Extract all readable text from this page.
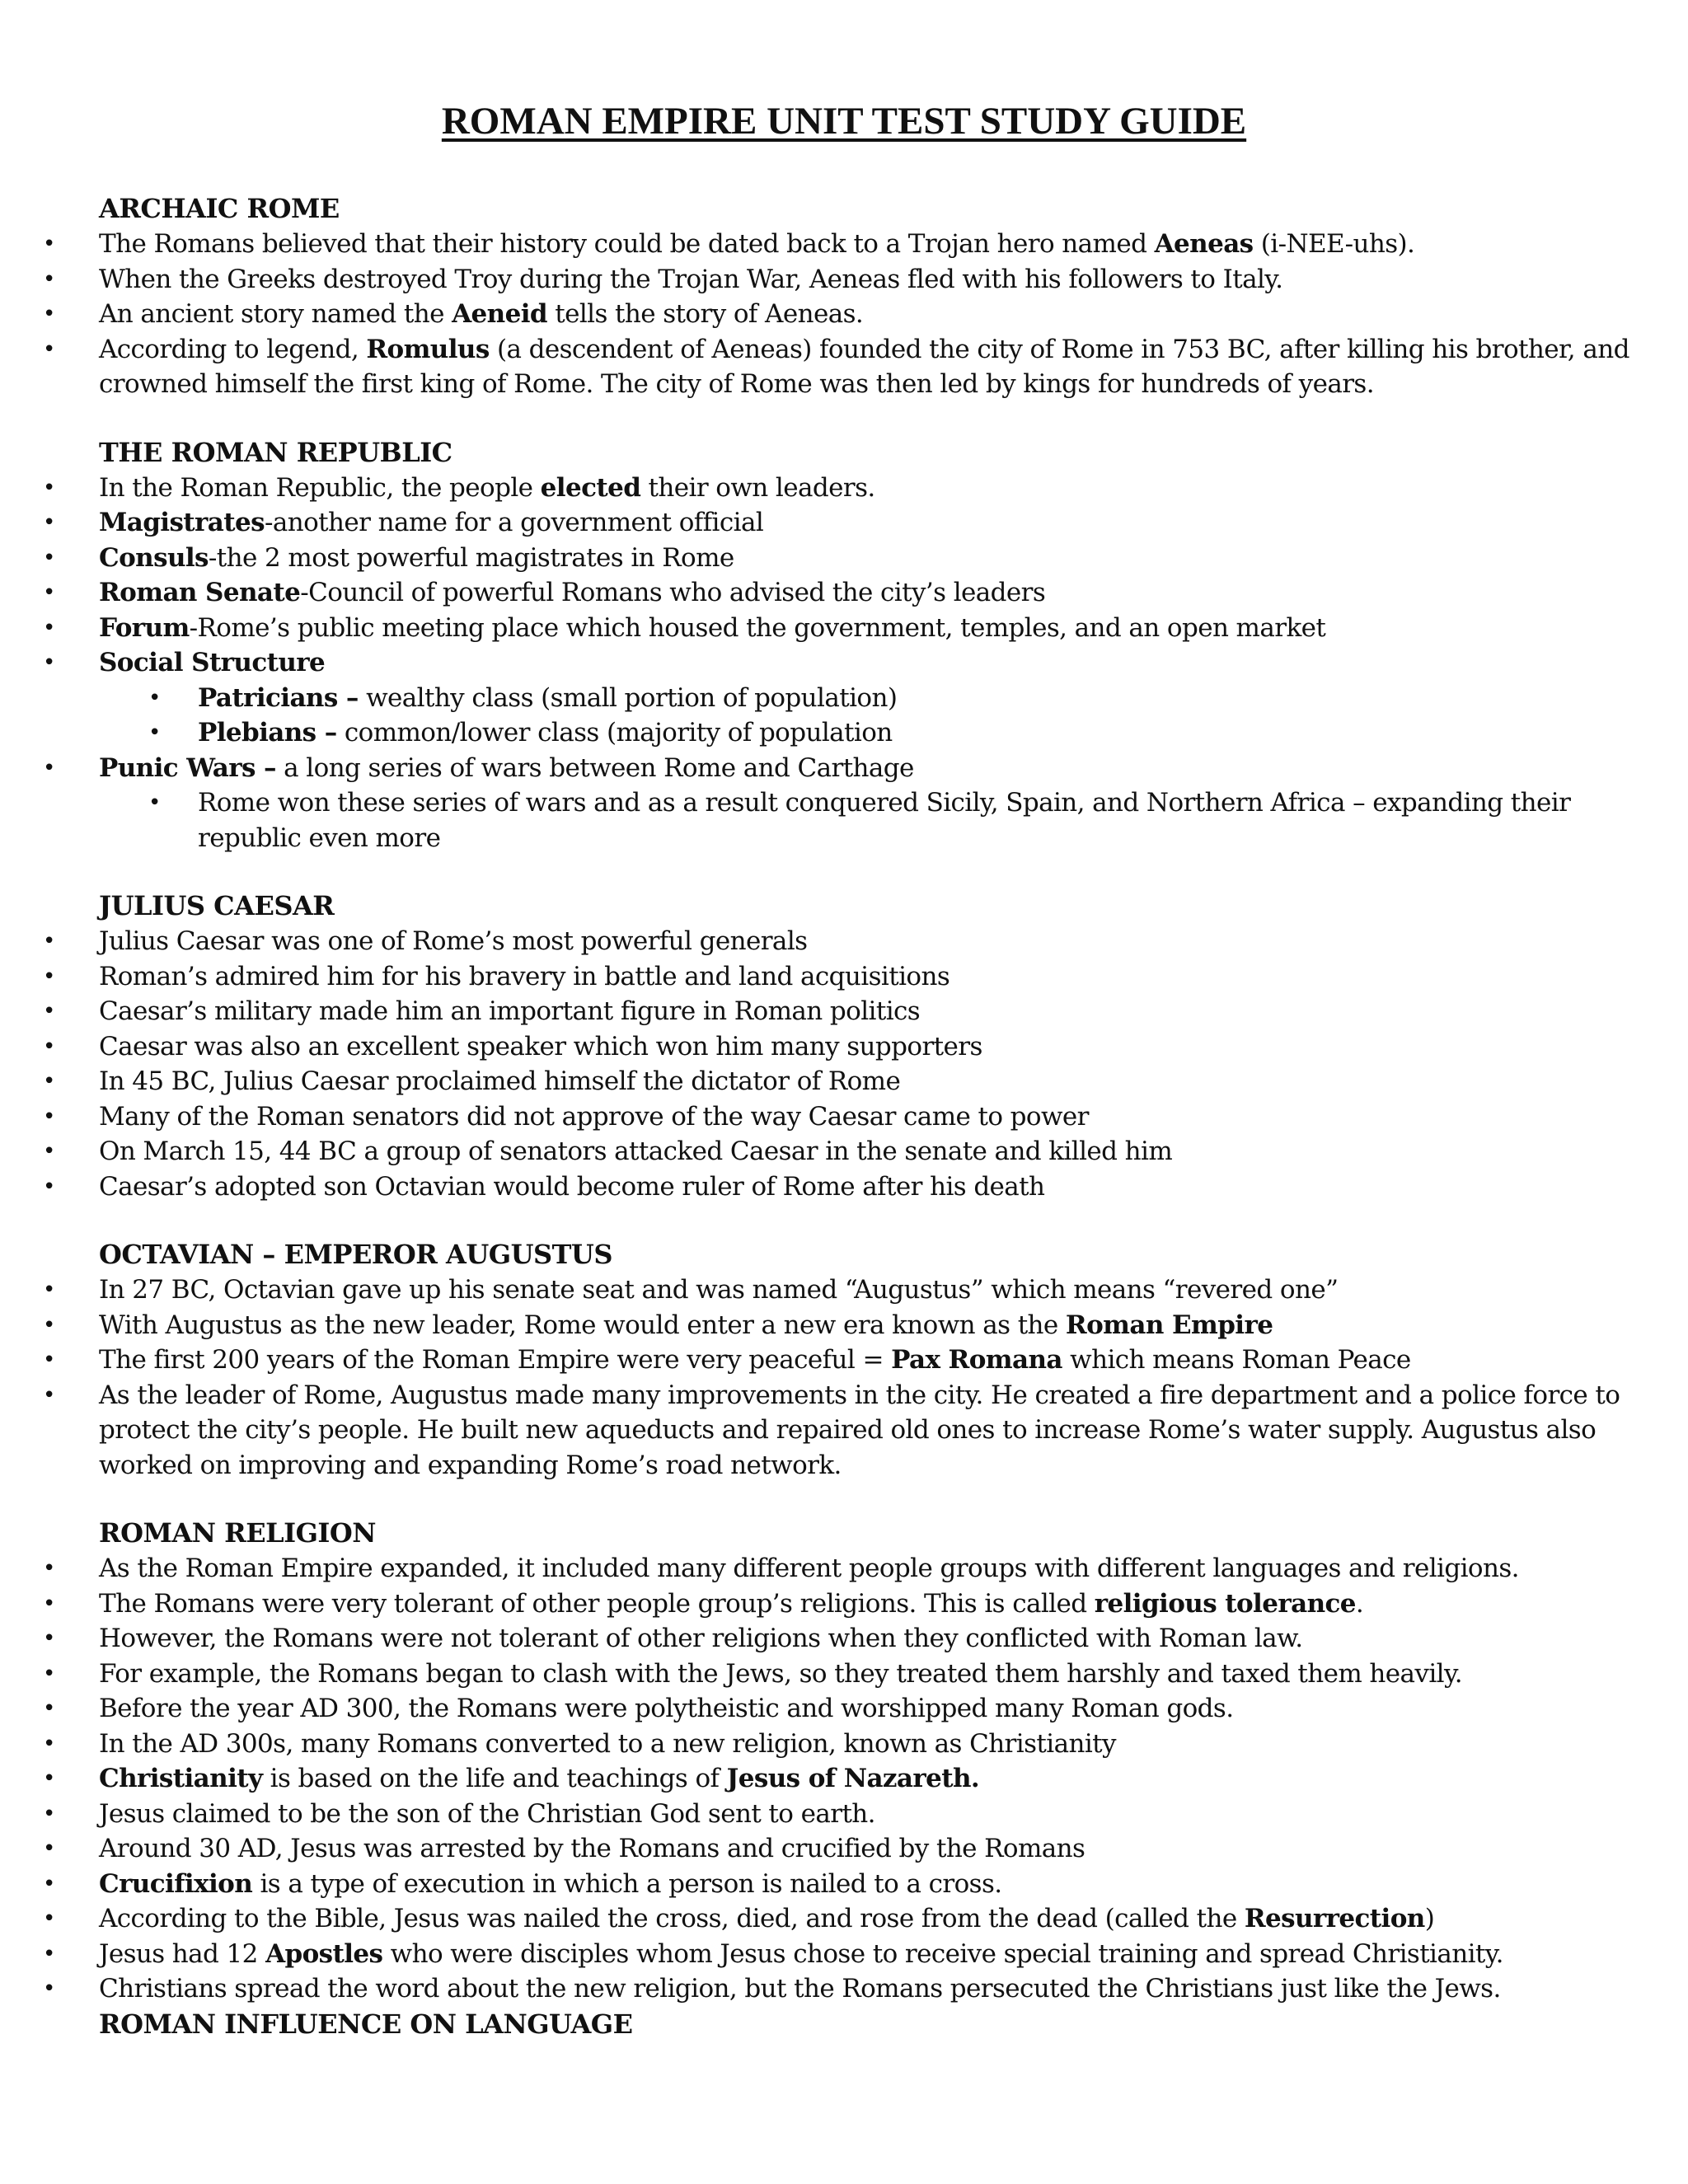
ROMAN EMPIRE UNIT TEST STUDY GUIDE
ARCHAIC ROME
• The Romans believed that their history could be dated back to a Trojan hero named Aeneas (i-NEE-uhs).
• When the Greeks destroyed Troy during the Trojan War, Aeneas fled with his followers to Italy.
• An ancient story named the Aeneid tells the story of Aeneas.
• According to legend, Romulus (a descendent of Aeneas) founded the city of Rome in 753 BC, after killing his brother, and crowned himself the first king of Rome. The city of Rome was then led by kings for hundreds of years.
THE ROMAN REPUBLIC
• In the Roman Republic, the people elected their own leaders.
• Magistrates-another name for a government official
• Consuls-the 2 most powerful magistrates in Rome
• Roman Senate-Council of powerful Romans who advised the city’s leaders
• Forum-Rome’s public meeting place which housed the government, temples, and an open market
• Social Structure
• Patricians – wealthy class (small portion of population)
• Plebians – common/lower class (majority of population
• Punic Wars – a long series of wars between Rome and Carthage
• Rome won these series of wars and as a result conquered Sicily, Spain, and Northern Africa – expanding their republic even more
JULIUS CAESAR
• Julius Caesar was one of Rome’s most powerful generals
• Roman’s admired him for his bravery in battle and land acquisitions
• Caesar’s military made him an important figure in Roman politics
• Caesar was also an excellent speaker which won him many supporters
• In 45 BC, Julius Caesar proclaimed himself the dictator of Rome
• Many of the Roman senators did not approve of the way Caesar came to power
• On March 15, 44 BC a group of senators attacked Caesar in the senate and killed him
• Caesar’s adopted son Octavian would become ruler of Rome after his death
OCTAVIAN – EMPEROR AUGUSTUS
• In 27 BC, Octavian gave up his senate seat and was named “Augustus” which means “revered one”
• With Augustus as the new leader, Rome would enter a new era known as the Roman Empire
• The first 200 years of the Roman Empire were very peaceful = Pax Romana which means Roman Peace
• As the leader of Rome, Augustus made many improvements in the city. He created a fire department and a police force to protect the city’s people. He built new aqueducts and repaired old ones to increase Rome’s water supply. Augustus also worked on improving and expanding Rome’s road network.
ROMAN RELIGION
• As the Roman Empire expanded, it included many different people groups with different languages and religions.
• The Romans were very tolerant of other people group’s religions. This is called religious tolerance.
• However, the Romans were not tolerant of other religions when they conflicted with Roman law.
• For example, the Romans began to clash with the Jews, so they treated them harshly and taxed them heavily.
• Before the year AD 300, the Romans were polytheistic and worshipped many Roman gods.
• In the AD 300s, many Romans converted to a new religion, known as Christianity
• Christianity is based on the life and teachings of Jesus of Nazareth.
• Jesus claimed to be the son of the Christian God sent to earth.
• Around 30 AD, Jesus was arrested by the Romans and crucified by the Romans
• Crucifixion is a type of execution in which a person is nailed to a cross.
• According to the Bible, Jesus was nailed the cross, died, and rose from the dead (called the Resurrection)
• Jesus had 12 Apostles who were disciples whom Jesus chose to receive special training and spread Christianity.
• Christians spread the word about the new religion, but the Romans persecuted the Christians just like the Jews.
ROMAN INFLUENCE ON LANGUAGE
